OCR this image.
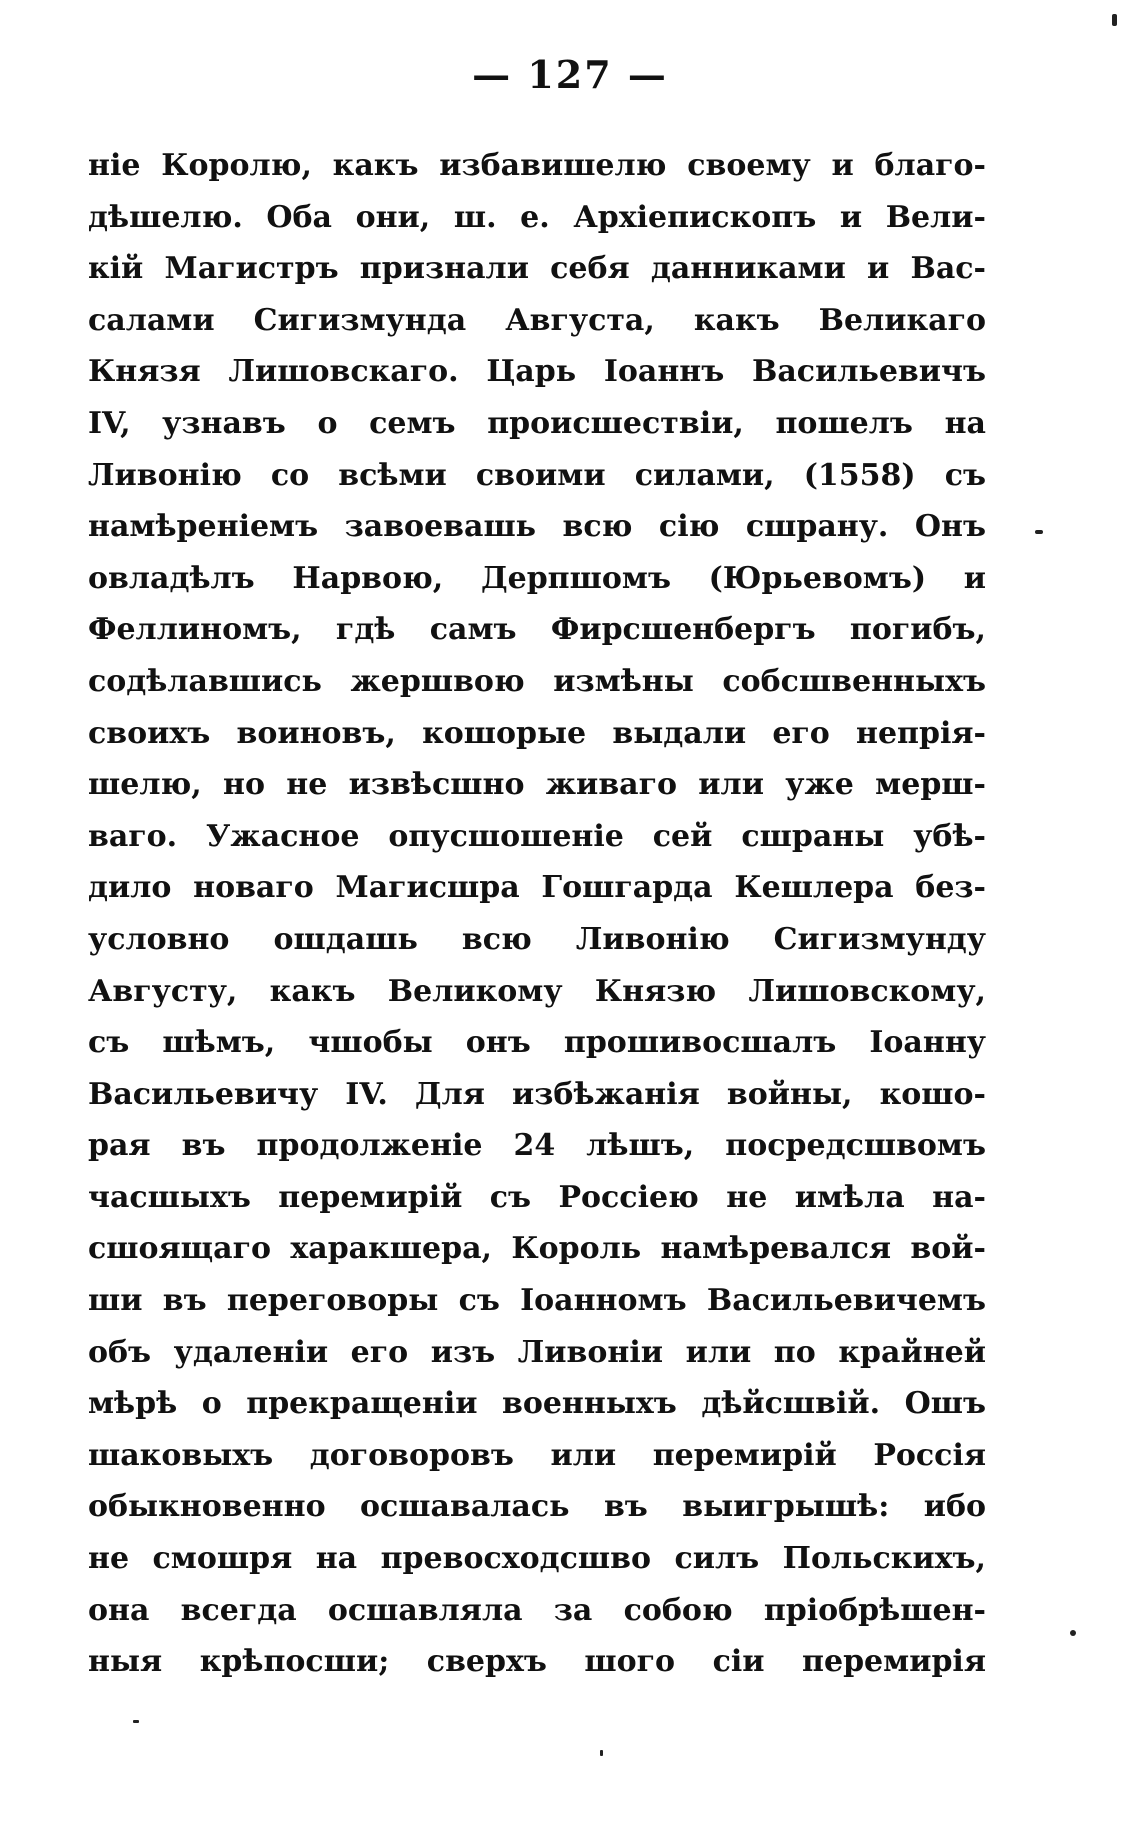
— 127 —
ніе Королю, какъ избавишелю своему и благо-
дѣшелю. Оба они, ш. е. Архіепископъ и Вели-
кій Магистръ признали себя данниками и Вас-
салами Сигизмунда Августа, какъ Великаго
Князя Лишовскаго. Царь Іоаннъ Васильевичъ
IV, узнавъ о семъ происшествіи, пошелъ на
Ливонію со всѣми своими силами, (1558) съ
намѣреніемъ завоевашь всю сію сшрану. Онъ
овладѣлъ Нарвою, Дерпшомъ (Юрьевомъ) и
Феллиномъ, гдѣ самъ Фирсшенбергъ погибъ,
содѣлавшись жершвою измѣны собсшвенныхъ
своихъ воиновъ, кошорые выдали его непрія-
шелю, но не извѣсшно живаго или уже мерш-
ваго. Ужасное опусшошеніе сей сшраны убѣ-
дило новаго Магисшра Гошгарда Кешлера без-
условно ошдашь всю Ливонію Сигизмунду
Августу, какъ Великому Князю Лишовскому,
съ шѣмъ, чшобы онъ прошивосшалъ Іоанну
Васильевичу IV. Для избѣжанія войны, кошо-
рая въ продолженіе 24 лѣшъ, посредсшвомъ
часшыхъ перемирій съ Россіею не имѣла на-
сшоящаго харакшера, Король намѣревался вой-
ши въ переговоры съ Іоанномъ Васильевичемъ
объ удаленіи его изъ Ливоніи или по крайней
мѣрѣ о прекращеніи военныхъ дѣйсшвій. Ошъ
шаковыхъ договоровъ или перемирій Россія
обыкновенно осшавалась въ выигрышѣ: ибо
не смошря на превосходсшво силъ Польскихъ,
она всегда осшавляла за собою пріобрѣшен-
ныя крѣпосши; сверхъ шого сіи перемирія
